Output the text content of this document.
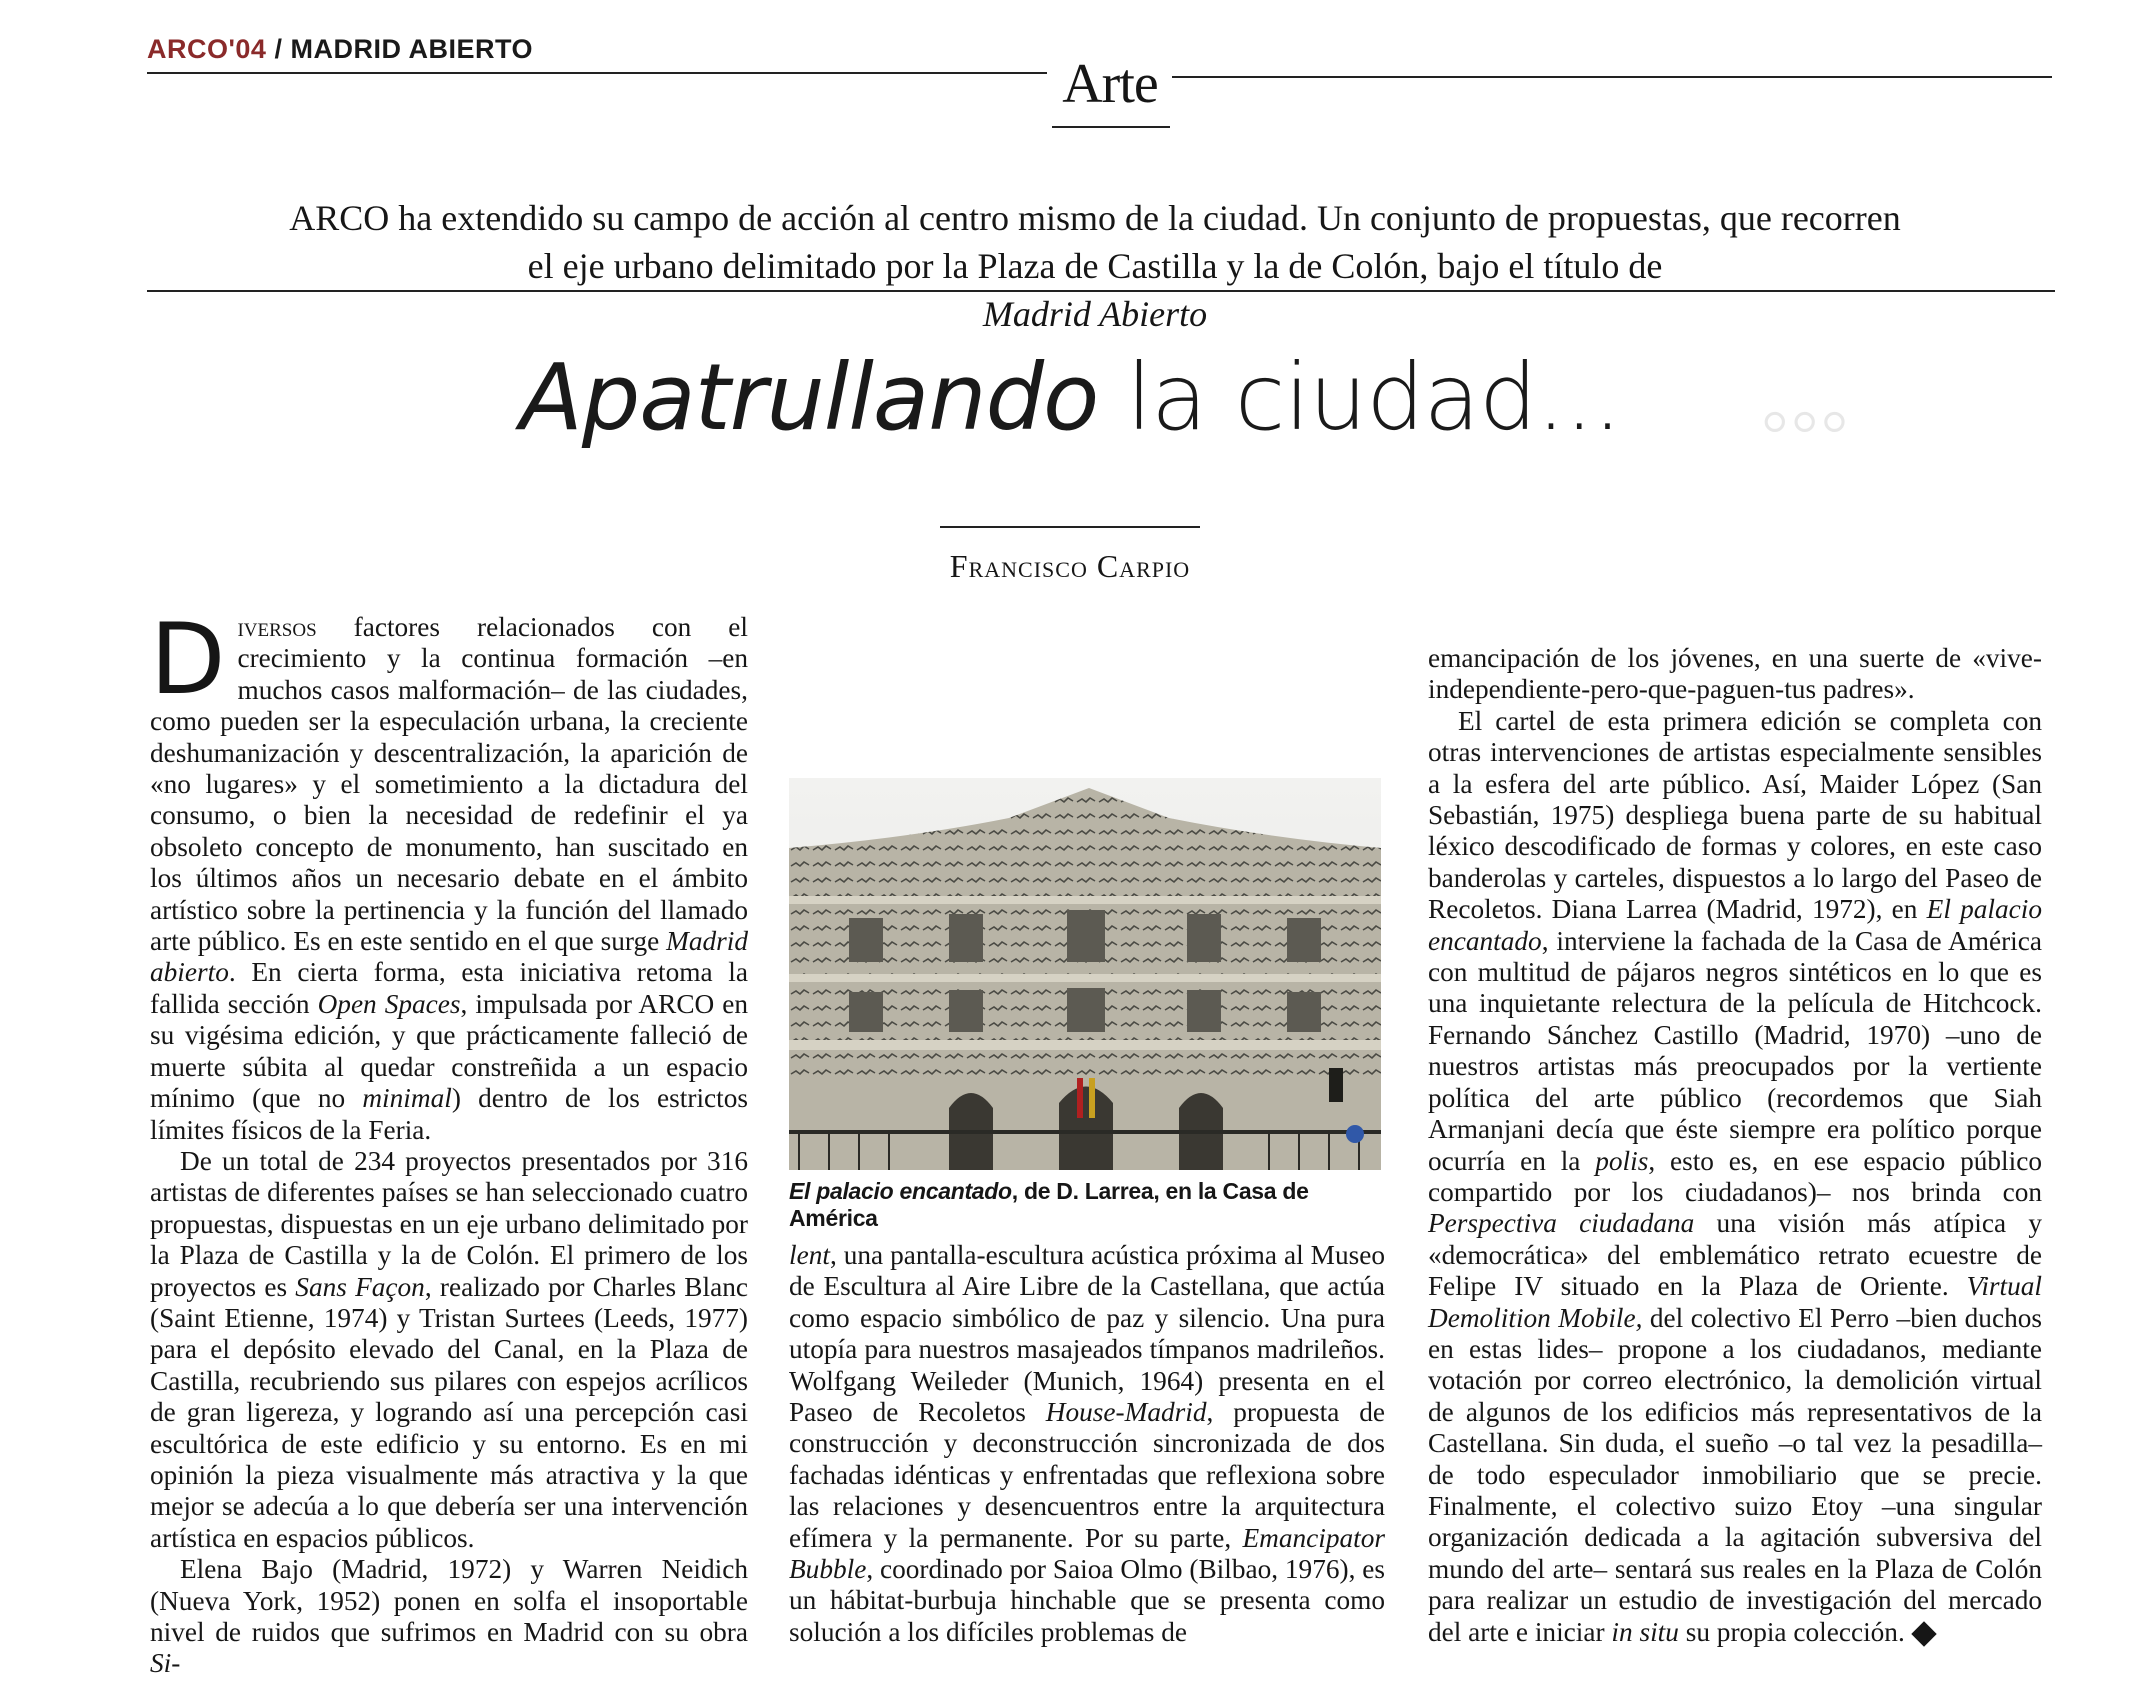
◦◦◦
ARCO'04 / MADRID ABIERTO
Arte
ARCO ha extendido su campo de acción al centro mismo de la ciudad. Un conjunto de propuestas, que recorren
el eje urbano delimitado por la Plaza de Castilla y la de Colón, bajo el título de
Madrid Abierto
Apatrullando la ciudad...
Francisco Carpio

Diversos factores relacionados con el crecimiento y la continua formación –en muchos casos malformación– de las ciudades, como pueden ser la especulación urbana, la creciente deshumanización y descentralización, la aparición de «no lugares» y el sometimiento a la dictadura del consumo, o bien la necesidad de redefinir el ya obsoleto concepto de monumento, han suscitado en los últimos años un necesario debate en el ámbito artístico sobre la pertinencia y la función del llamado arte público. Es en este sentido en el que surge Madrid abierto. En cierta forma, esta iniciativa retoma la fallida sección Open Spaces, impulsada por ARCO en su vigésima edición, y que prácticamente falleció de muerte súbita al quedar constreñida a un espacio mínimo (que no minimal) dentro de los estrictos límites físicos de la Feria.

De un total de 234 proyectos presentados por 316 artistas de diferentes países se han seleccionado cuatro propuestas, dispuestas en un eje urbano delimitado por la Plaza de Castilla y la de Colón. El primero de los proyectos es Sans Façon, realizado por Charles Blanc (Saint Etienne, 1974) y Tristan Surtees (Leeds, 1977) para el depósito elevado del Canal, en la Plaza de Castilla, recubriendo sus pilares con espejos acrílicos de gran ligereza, y logrando así una percepción casi escultórica de este edificio y su entorno. Es en mi opinión la pieza visualmente más atractiva y la que mejor se adecúa a lo que debería ser una intervención artística en espacios públicos.

Elena Bajo (Madrid, 1972) y Warren Neidich (Nueva York, 1952) ponen en solfa el insoportable nivel de ruidos que sufrimos en Madrid con su obra Si-

El palacio encantado, de D. Larrea, en la Casa de América

lent, una pantalla-escultura acústica próxima al Museo de Escultura al Aire Libre de la Castellana, que actúa como espacio simbólico de paz y silencio. Una pura utopía para nuestros masajeados tímpanos madrileños. Wolfgang Weileder (Munich, 1964) presenta en el Paseo de Recoletos House-Madrid, propuesta de construcción y deconstrucción sincronizada de dos fachadas idénticas y enfrentadas que reflexiona sobre las relaciones y desencuentros entre la arquitectura efímera y la permanente. Por su parte, Emancipator Bubble, coordinado por Saioa Olmo (Bilbao, 1976), es un hábitat-burbuja hinchable que se presenta como solución a los difíciles problemas de

emancipación de los jóvenes, en una suerte de «vive-independiente-pero-que-paguen-tus padres».

El cartel de esta primera edición se completa con otras intervenciones de artistas especialmente sensibles a la esfera del arte público. Así, Maider López (San Sebastián, 1975) despliega buena parte de su habitual léxico descodificado de formas y colores, en este caso banderolas y carteles, dispuestos a lo largo del Paseo de Recoletos. Diana Larrea (Madrid, 1972), en El palacio encantado, interviene la fachada de la Casa de América con multitud de pájaros negros sintéticos en lo que es una inquietante relectura de la película de Hitchcock. Fernando Sánchez Castillo (Madrid, 1970) –uno de nuestros artistas más preocupados por la vertiente política del arte público (recordemos que Siah Armanjani decía que éste siempre era político porque ocurría en la polis, esto es, en ese espacio público compartido por los ciudadanos)– nos brinda con Perspectiva ciudadana una visión más atípica y «democrática» del emblemático retrato ecuestre de Felipe IV situado en la Plaza de Oriente. Virtual Demolition Mobile, del colectivo El Perro –bien duchos en estas lides– propone a los ciudadanos, mediante votación por correo electrónico, la demolición virtual de algunos de los edificios más representativos de la Castellana. Sin duda, el sueño –o tal vez la pesadilla– de todo especulador inmobiliario que se precie. Finalmente, el colectivo suizo Etoy –una singular organización dedicada a la agitación subversiva del mundo del arte– sentará sus reales en la Plaza de Colón para realizar un estudio de investigación del mercado del arte e iniciar in situ su propia colección.
